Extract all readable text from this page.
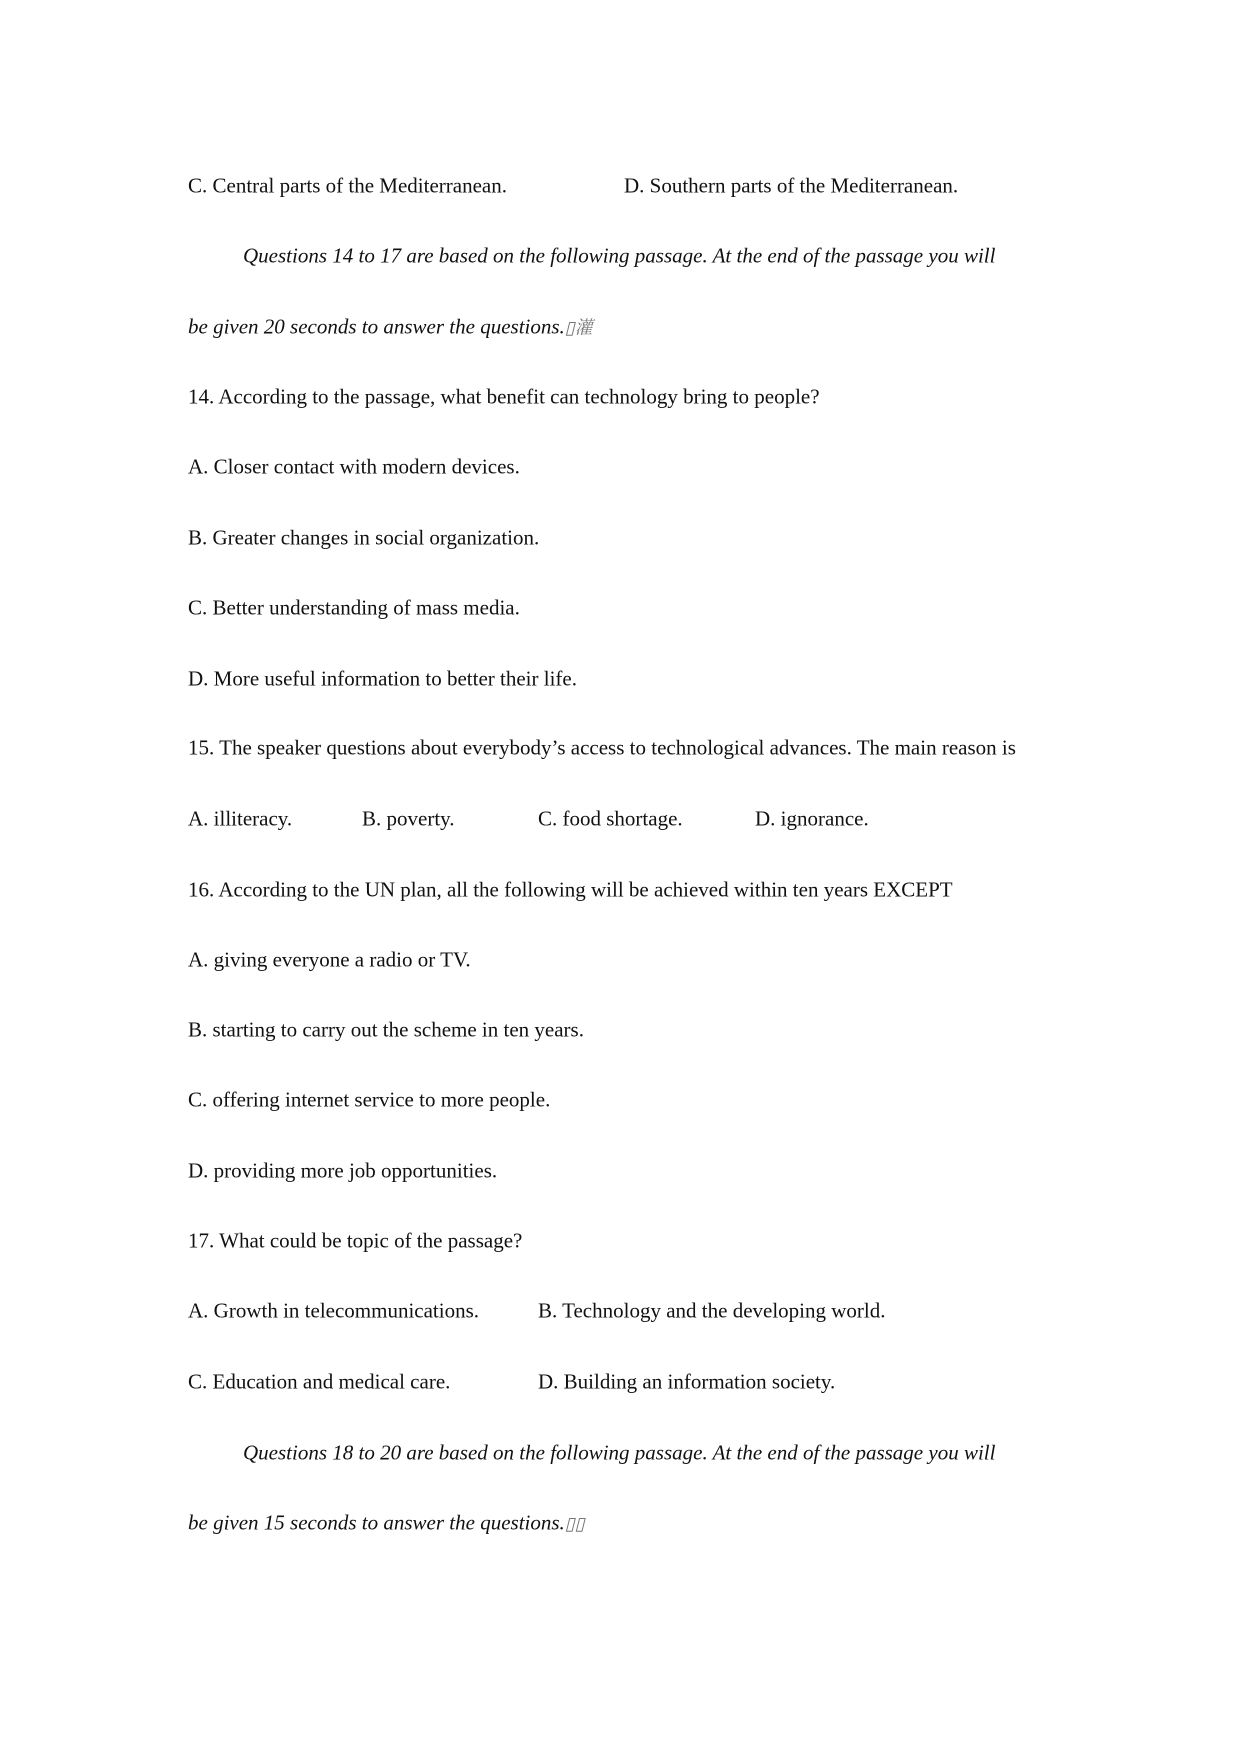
C. Central parts of the Mediterranean.	D. Southern parts of the Mediterranean.
Questions 14 to 17 are based on the following passage. At the end of the passage you will
be given 20 seconds to answer the questions.▯灌
14. According to the passage, what benefit can technology bring to people?
A. Closer contact with modern devices.
B. Greater changes in social organization.
C. Better understanding of mass media.
D. More useful information to better their life.
15. The speaker questions about everybody’s access to technological advances. The main reason is
A. illiteracy.	B. poverty.	C. food shortage.	D. ignorance.
16. According to the UN plan, all the following will be achieved within ten years EXCEPT
A. giving everyone a radio or TV.
B. starting to carry out the scheme in ten years.
C. offering internet service to more people.
D. providing more job opportunities.
17. What could be topic of the passage?
A. Growth in telecommunications.	B. Technology and the developing world.
C. Education and medical care.	D. Building an information society.
Questions 18 to 20 are based on the following passage. At the end of the passage you will
be given 15 seconds to answer the questions.▯▯
